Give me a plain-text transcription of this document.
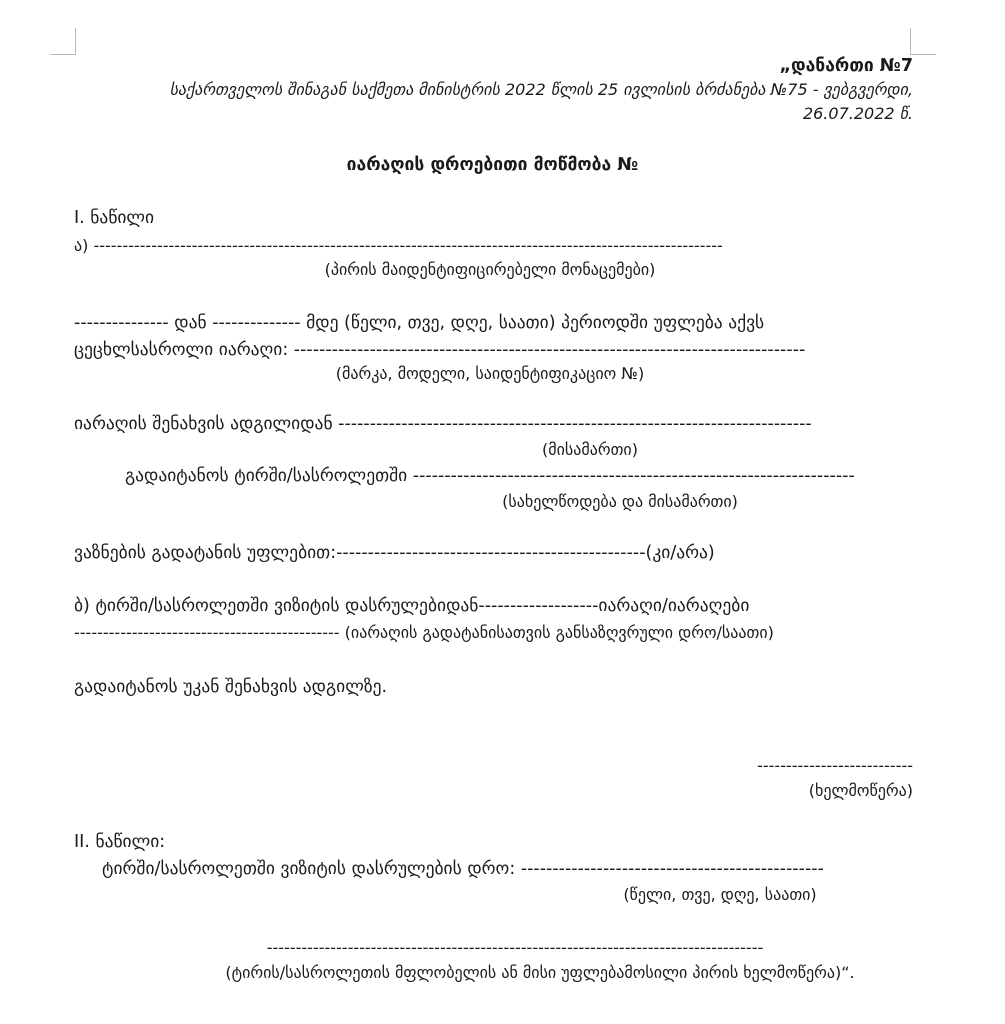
„დანართი №7
საქართველოს შინაგან საქმეთა მინისტრის 2022 წლის 25 ივლისის ბრძანება №75 - ვებგვერდი,
26.07.2022 წ.
იარაღის დროებითი მოწმობა №
I. ნაწილი
ა) -------------------------------------------------------------------------------------------------------------
(პირის მაიდენტიფიცირებელი მონაცემები)
--------------- დან -------------- მდე (წელი, თვე, დღე, საათი) პერიოდში უფლება აქვს
ცეცხლსასროლი იარაღი: ---------------------------------------------------------------------------------
(მარკა, მოდელი, საიდენტიფიკაციო №)
იარაღის შენახვის ადგილიდან ---------------------------------------------------------------------------
(მისამართი)
გადაიტანოს ტირში/სასროლეთში ----------------------------------------------------------------------
(სახელწოდება და მისამართი)
ვაზნების გადატანის უფლებით:-------------------------------------------------(კი/არა)
ბ) ტირში/სასროლეთში ვიზიტის დასრულებიდან-------------------იარაღი/იარაღები
---------------------------------------------- (იარაღის გადატანისათვის განსაზღვრული დრო/საათი)
გადაიტანოს უკან შენახვის ადგილზე.
---------------------------
(ხელმოწერა)
II. ნაწილი:
ტირში/სასროლეთში ვიზიტის დასრულების დრო: ------------------------------------------------
(წელი, თვე, დღე, საათი)
--------------------------------------------------------------------------------------
(ტირის/სასროლეთის მფლობელის ან მისი უფლებამოსილი პირის ხელმოწერა)“.
